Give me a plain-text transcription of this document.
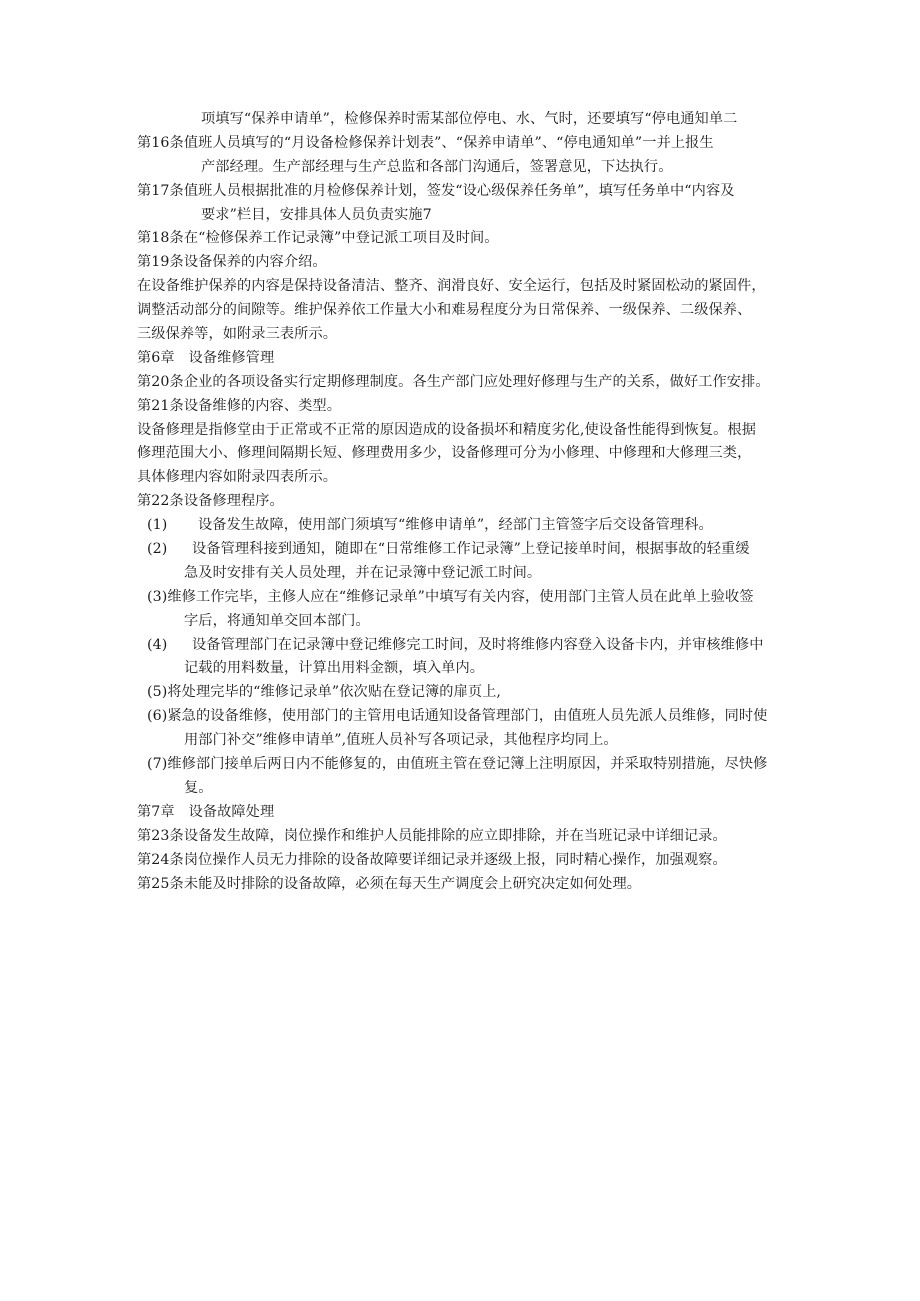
项填写“保养申请单”，检修保养时需某部位停电、水、气时，还要填写“停电通知单二
第16条值班人员填写的“月设备检修保养计划表”、“保养申请单”、“停电通知单”一并上报生
产部经理。生产部经理与生产总监和各部门沟通后，签署意见，下达执行。
第17条值班人员根据批准的月检修保养计划，签发“设心级保养任务单”，填写任务单中“内容及
要求”栏目，安排具体人员负责实施7
第18条在“检修保养工作记录簿”中登记派工项目及时间。
第19条设备保养的内容介绍。
在设备维护保养的内容是保持设备清洁、整齐、润滑良好、安全运行，包括及时紧固松动的紧固件，
调整活动部分的间隙等。维护保养依工作量大小和难易程度分为日常保养、一级保养、二级保养、
三级保养等，如附录三表所示。
第6章   设备维修管理
第20条企业的各项设备实行定期修理制度。各生产部门应处理好修理与生产的关系，做好工作安排。
第21条设备维修的内容、类型。
设备修理是指修堂由于正常或不正常的原因造成的设备损坏和精度劣化,使设备性能得到恢复。根据
修理范围大小、修理间隔期长短、修理费用多少，设备修理可分为小修理、中修理和大修理三类，
具体修理内容如附录四表所示。
第22条设备修理程序。
(1) 设备发生故障，使用部门须填写“维修申请单”，经部门主管签字后交设备管理科。
(2) 设备管理科接到通知，随即在“日常维修工作记录簿”上登记接单时间，根据事故的轻重缓
急及时安排有关人员处理，并在记录簿中登记派工时间。
(3)维修工作完毕，主修人应在“维修记录单”中填写有关内容，使用部门主管人员在此单上验收签
字后，将通知单交回本部门。
(4) 设备管理部门在记录簿中登记维修完工时间，及时将维修内容登入设备卡内，并审核维修中
记载的用料数量，计算出用料金额，填入单内。
(5)将处理完毕的“维修记录单”依次贴在登记簿的扉页上,
(6)紧急的设备维修，使用部门的主管用电话通知设备管理部门，由值班人员先派人员维修，同时使
用部门补交”维修申请单”,值班人员补写各项记录，其他程序均同上。
(7)维修部门接单后两日内不能修复的，由值班主管在登记簿上注明原因，并采取特别措施，尽快修
复。
第7章   设备故障处理
第23条设备发生故障，岗位操作和维护人员能排除的应立即排除，并在当班记录中详细记录。
第24条岗位操作人员无力排除的设备故障要详细记录并逐级上报，同时精心操作，加强观察。
第25条未能及时排除的设备故障，必须在每天生产调度会上研究决定如何处理。
